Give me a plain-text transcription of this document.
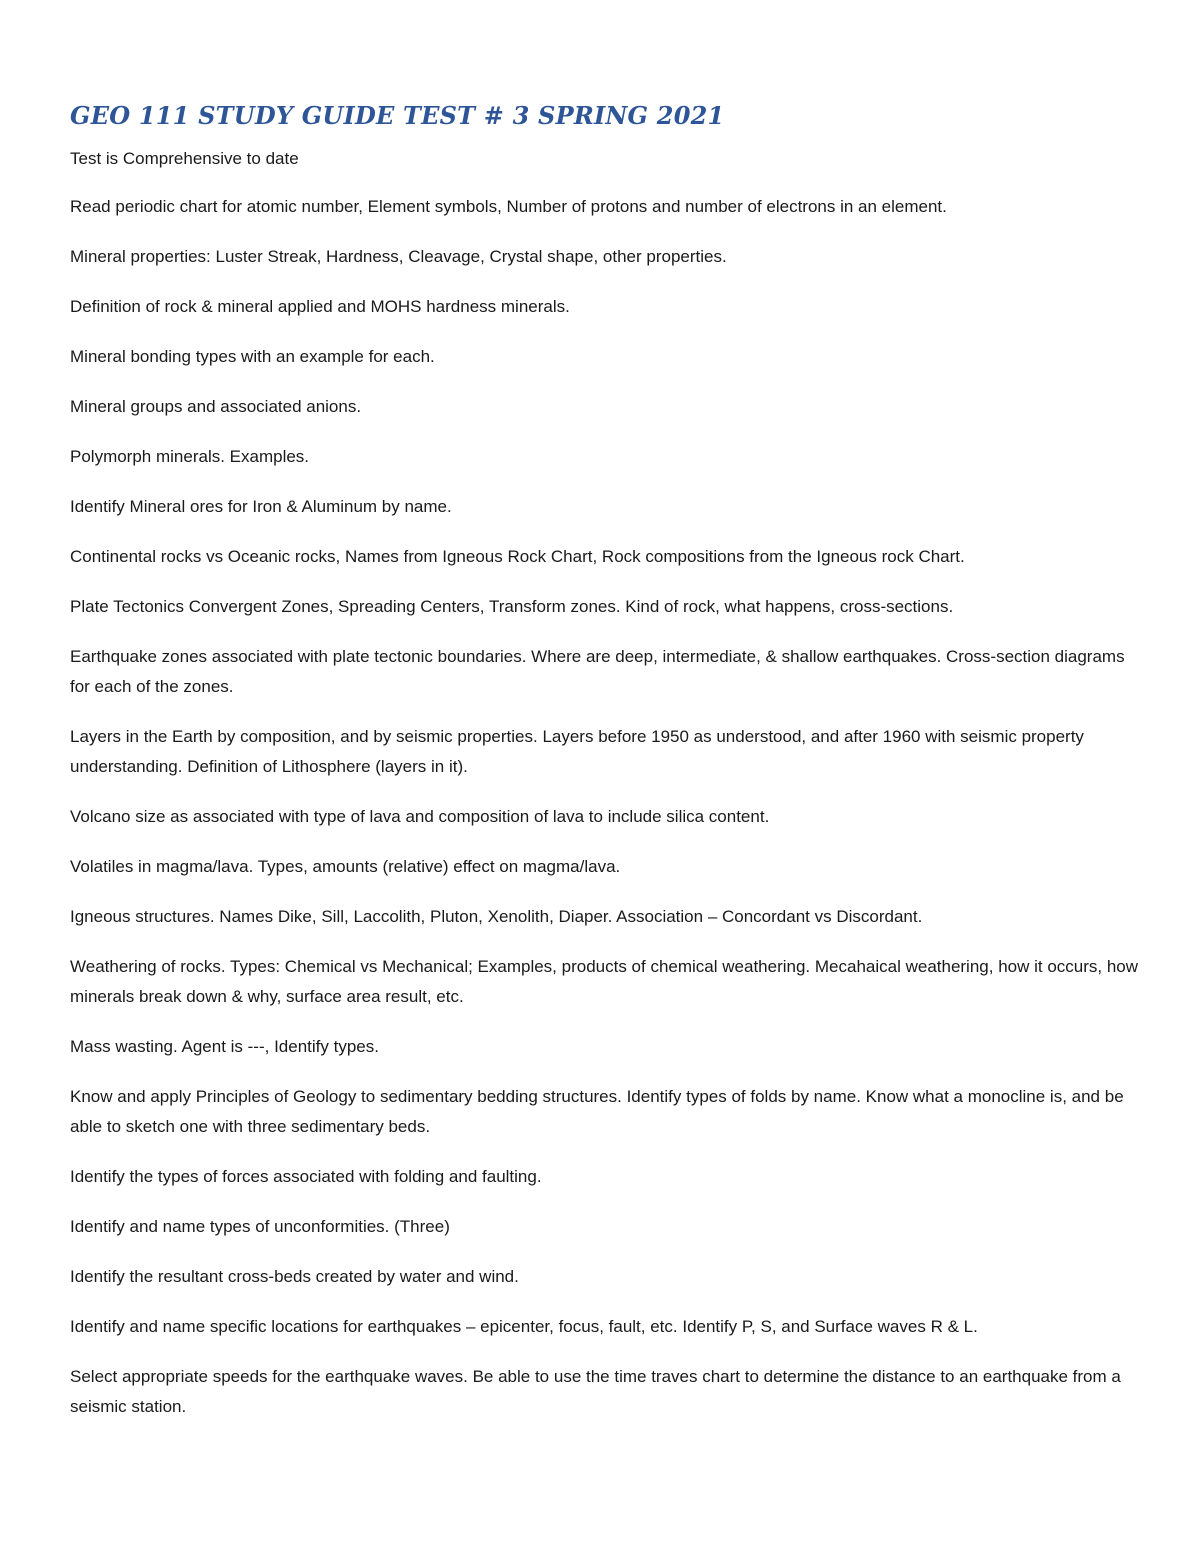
GEO 111 STUDY GUIDE TEST # 3 SPRING 2021

Test is Comprehensive to date

Read periodic chart for atomic number, Element symbols, Number of protons and number of electrons in an element.

Mineral properties: Luster Streak, Hardness, Cleavage, Crystal shape, other properties.

Definition of rock & mineral applied and MOHS hardness minerals.

Mineral bonding types with an example for each.

Mineral groups and associated anions.

Polymorph minerals. Examples.

Identify Mineral ores for Iron & Aluminum by name.

Continental rocks vs Oceanic rocks, Names from Igneous Rock Chart, Rock compositions from the Igneous rock Chart.

Plate Tectonics Convergent Zones, Spreading Centers, Transform zones. Kind of rock, what happens, cross-sections.

Earthquake zones associated with plate tectonic boundaries. Where are deep, intermediate, & shallow earthquakes. Cross-section diagrams for each of the zones.

Layers in the Earth by composition, and by seismic properties. Layers before 1950 as understood, and after 1960 with seismic property understanding. Definition of Lithosphere (layers in it).

Volcano size as associated with type of lava and composition of lava to include silica content.

Volatiles in magma/lava. Types, amounts (relative) effect on magma/lava.

Igneous structures. Names Dike, Sill, Laccolith, Pluton, Xenolith, Diaper. Association – Concordant vs Discordant.

Weathering of rocks. Types: Chemical vs Mechanical; Examples, products of chemical weathering. Mecahaical weathering, how it occurs, how minerals break down & why, surface area result, etc.

Mass wasting. Agent is ---, Identify types.

Know and apply Principles of Geology to sedimentary bedding structures. Identify types of folds by name. Know what a monocline is, and be able to sketch one with three sedimentary beds.

Identify the types of forces associated with folding and faulting.

Identify and name types of unconformities. (Three)

Identify the resultant cross-beds created by water and wind.

Identify and name specific locations for earthquakes – epicenter, focus, fault, etc. Identify P, S, and Surface waves R & L.

Select appropriate speeds for the earthquake waves. Be able to use the time traves chart to determine the distance to an earthquake from a seismic station.
